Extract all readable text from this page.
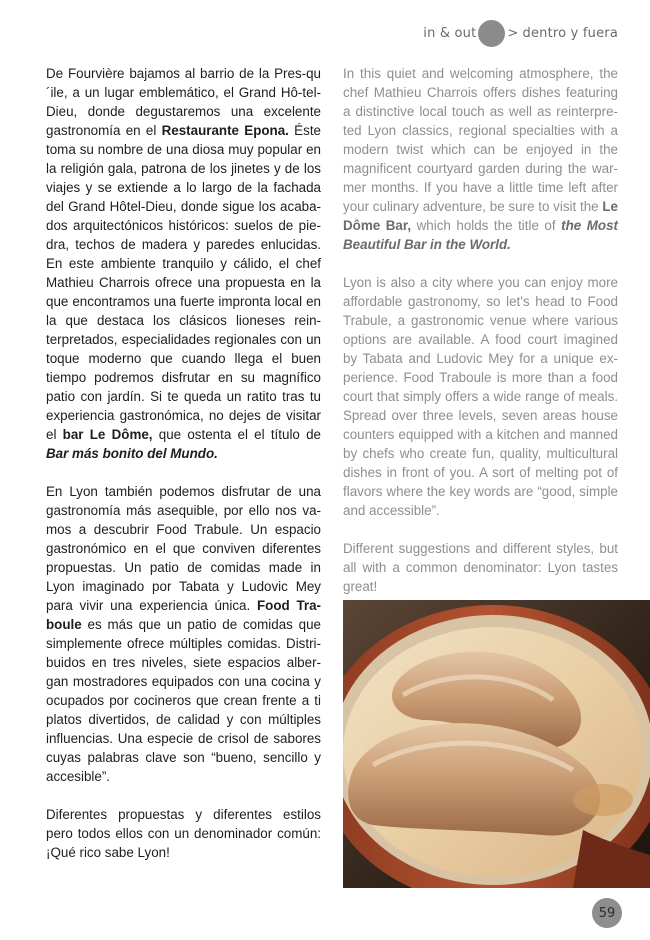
in & out > dentro y fuera

De Fourvière bajamos al barrio de la Pres-qu´ile, a un lugar emblemático, el Grand Hô-tel-Dieu, donde degustaremos una excelente gastronomía en el Restaurante Epona. Éste toma su nombre de una diosa muy popular en la religión gala, patrona de los jinetes y de los viajes y se extiende a lo largo de la fachada del Grand Hôtel-Dieu, donde sigue los acaba-dos arquitectónicos históricos: suelos de pie-dra, techos de madera y paredes enlucidas. En este ambiente tranquilo y cálido, el chef Mathieu Charrois ofrece una propuesta en la que encontramos una fuerte impronta local en la que destaca los clásicos lioneses rein-terpretados, especialidades regionales con un toque moderno que cuando llega el buen tiempo podremos disfrutar en su magnífico patio con jardín. Si te queda un ratito tras tu experiencia gastronómica, no dejes de visitar el bar Le Dôme, que ostenta el el título de Bar más bonito del Mundo.

En Lyon también podemos disfrutar de una gastronomía más asequible, por ello nos va-mos a descubrir Food Trabule. Un espacio gastronómico en el que conviven diferentes propuestas. Un patio de comidas made in Lyon imaginado por Tabata y Ludovic Mey para vivir una experiencia única. Food Tra-boule es más que un patio de comidas que simplemente ofrece múltiples comidas. Distri-buidos en tres niveles, siete espacios alber-gan mostradores equipados con una cocina y ocupados por cocineros que crean frente a ti platos divertidos, de calidad y con múltiples influencias. Una especie de crisol de sabores cuyas palabras clave son “bueno, sencillo y accesible”.

Diferentes propuestas y diferentes estilos pero todos ellos con un denominador común: ¡Qué rico sabe Lyon!

In this quiet and welcoming atmosphere, the chef Mathieu Charrois offers dishes featuring a distinctive local touch as well as reinterpre-ted Lyon classics, regional specialties with a modern twist which can be enjoyed in the magnificent courtyard garden during the war-mer months. If you have a little time left after your culinary adventure, be sure to visit the Le Dôme Bar, which holds the title of the Most Beautiful Bar in the World.

Lyon is also a city where you can enjoy more affordable gastronomy, so let's head to Food Trabule, a gastronomic venue where various options are available. A food court imagined by Tabata and Ludovic Mey for a unique ex-perience. Food Traboule is more than a food court that simply offers a wide range of meals. Spread over three levels, seven areas house counters equipped with a kitchen and manned by chefs who create fun, quality, multicultural dishes in front of you. A sort of melting pot of flavors where the key words are “good, simple and accessible”.

Different suggestions and different styles, but all with a common denominator: Lyon tastes great!

59
